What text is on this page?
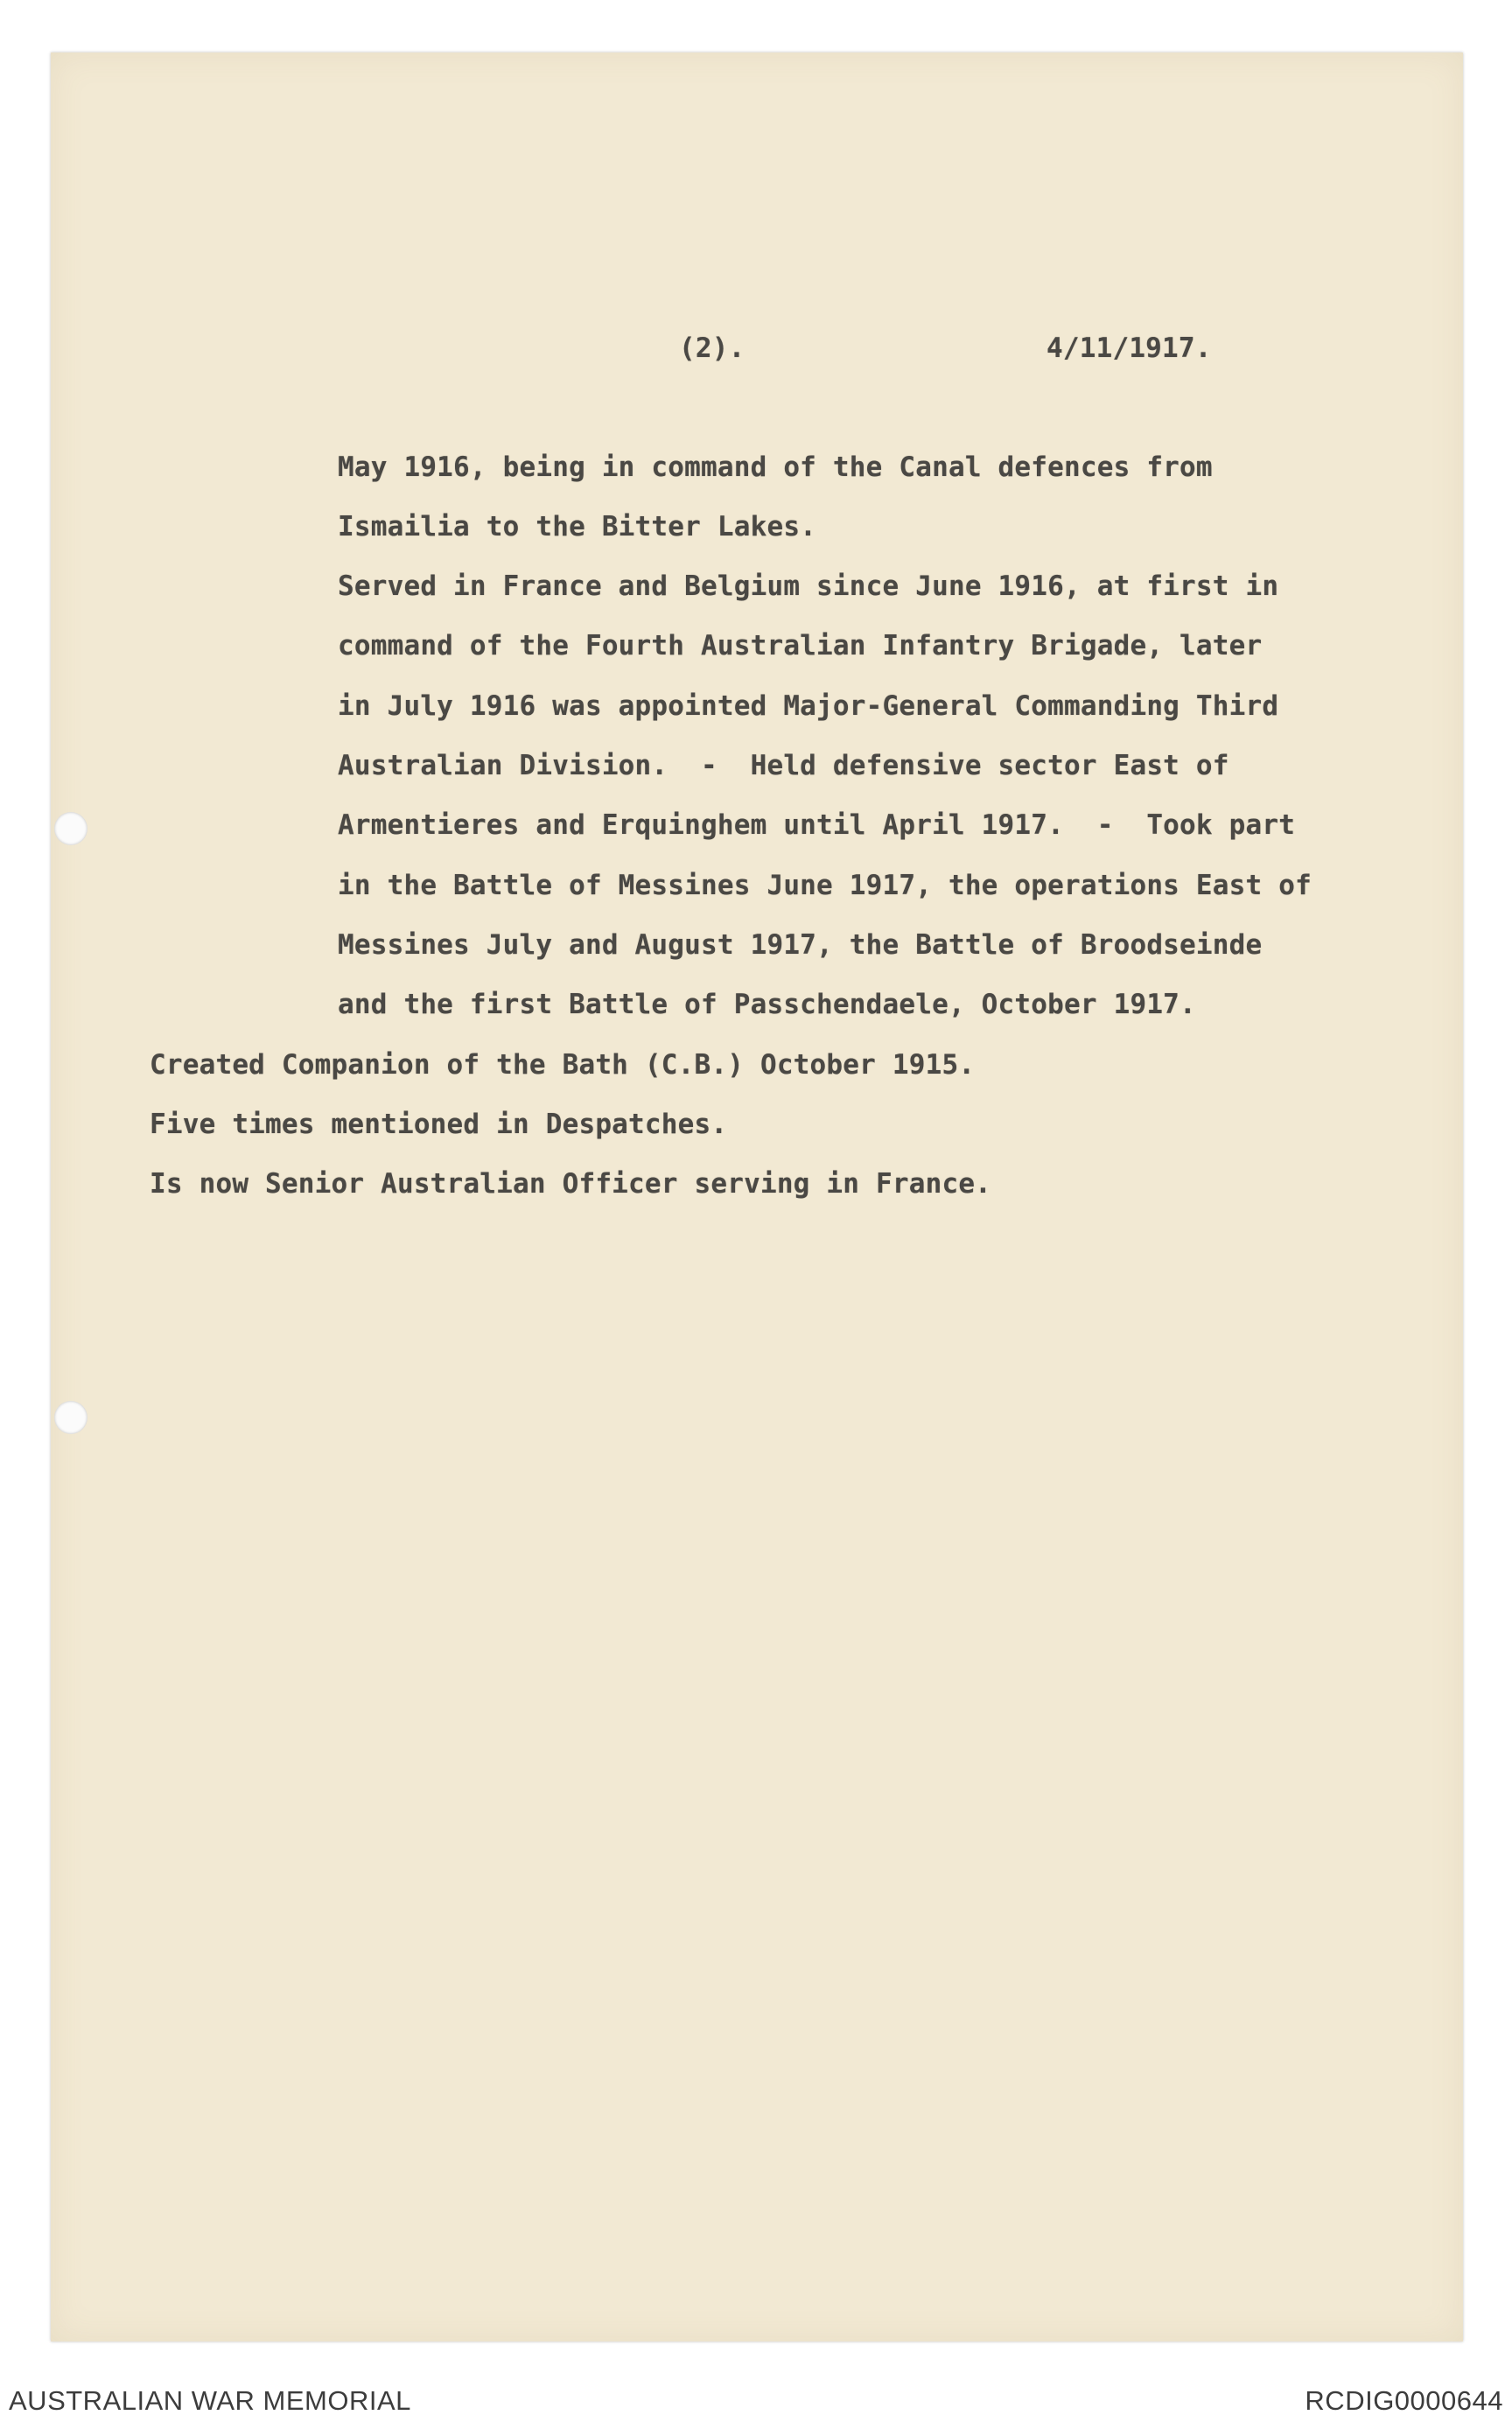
(2).	4/11/1917.
May 1916, being in command of the Canal defences from
Ismailia to the Bitter Lakes.
Served in France and Belgium since June 1916, at first in
command of the Fourth Australian Infantry Brigade, later
in July 1916 was appointed Major-General Commanding Third
Australian Division.  -  Held defensive sector East of
Armentieres and Erquinghem until April 1917.  -  Took part
in the Battle of Messines June 1917, the operations East of
Messines July and August 1917, the Battle of Broodseinde
and the first Battle of Passchendaele, October 1917.
Created Companion of the Bath (C.B.) October 1915.
Five times mentioned in Despatches.
Is now Senior Australian Officer serving in France.
AUSTRALIAN WAR MEMORIAL	RCDIG0000644
